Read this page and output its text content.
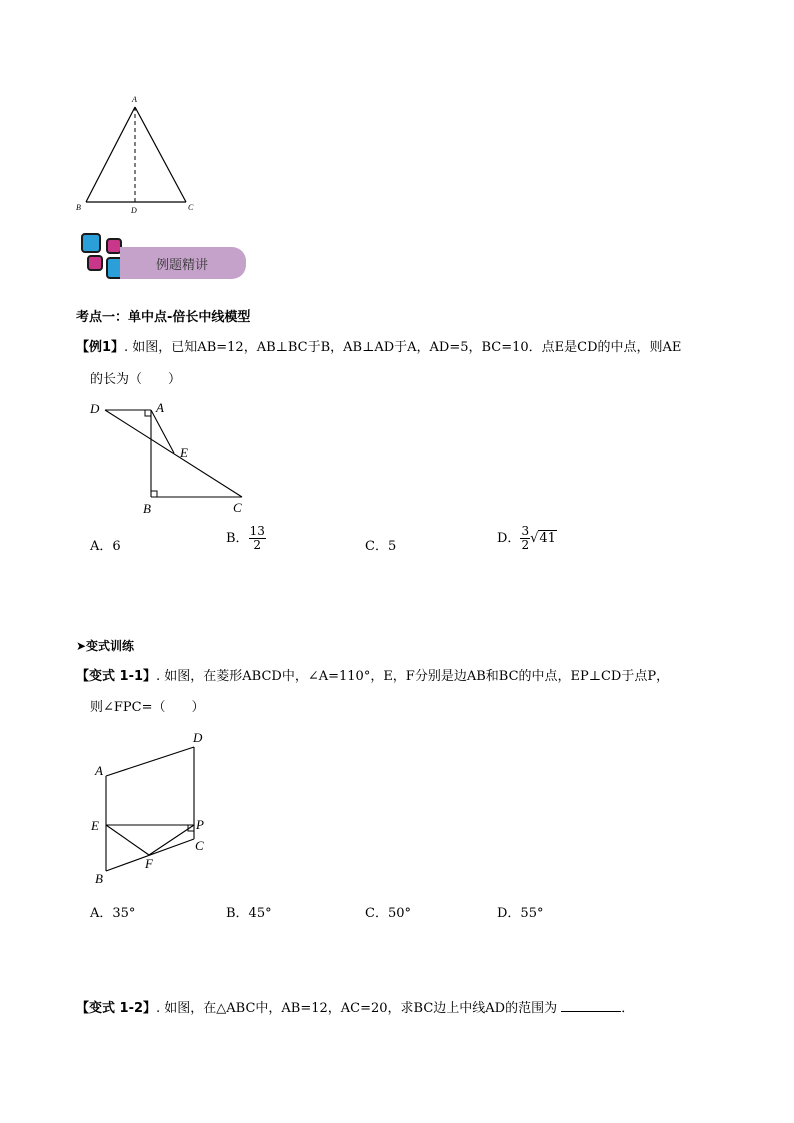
A
B	C
D
例题精讲
考点一：单中点-倍长中线模型
【例1】. 如图，已知AB=12，AB⊥BC于B，AB⊥AD于A，AD=5，BC=10．点E是CD的中点，则AE
的长为（　　）
D	A
E
B	C
A．6
B． $\frac{13}{2}$	C．5
D． $\frac{3}{2} √41$
➤变式训练
【变式 1-1】. 如图，在菱形ABCD中，∠A=110°，E，F分别是边AB和BC的中点，EP⊥CD于点P，
则∠FPC=（　　）
A
D
E	P
C
F
B
A．35°	B．45°	C．50°	D．55°
【变式 1-2】. 如图，在△ABC中，AB=12，AC=20，求BC边上中线AD的范围为	．
